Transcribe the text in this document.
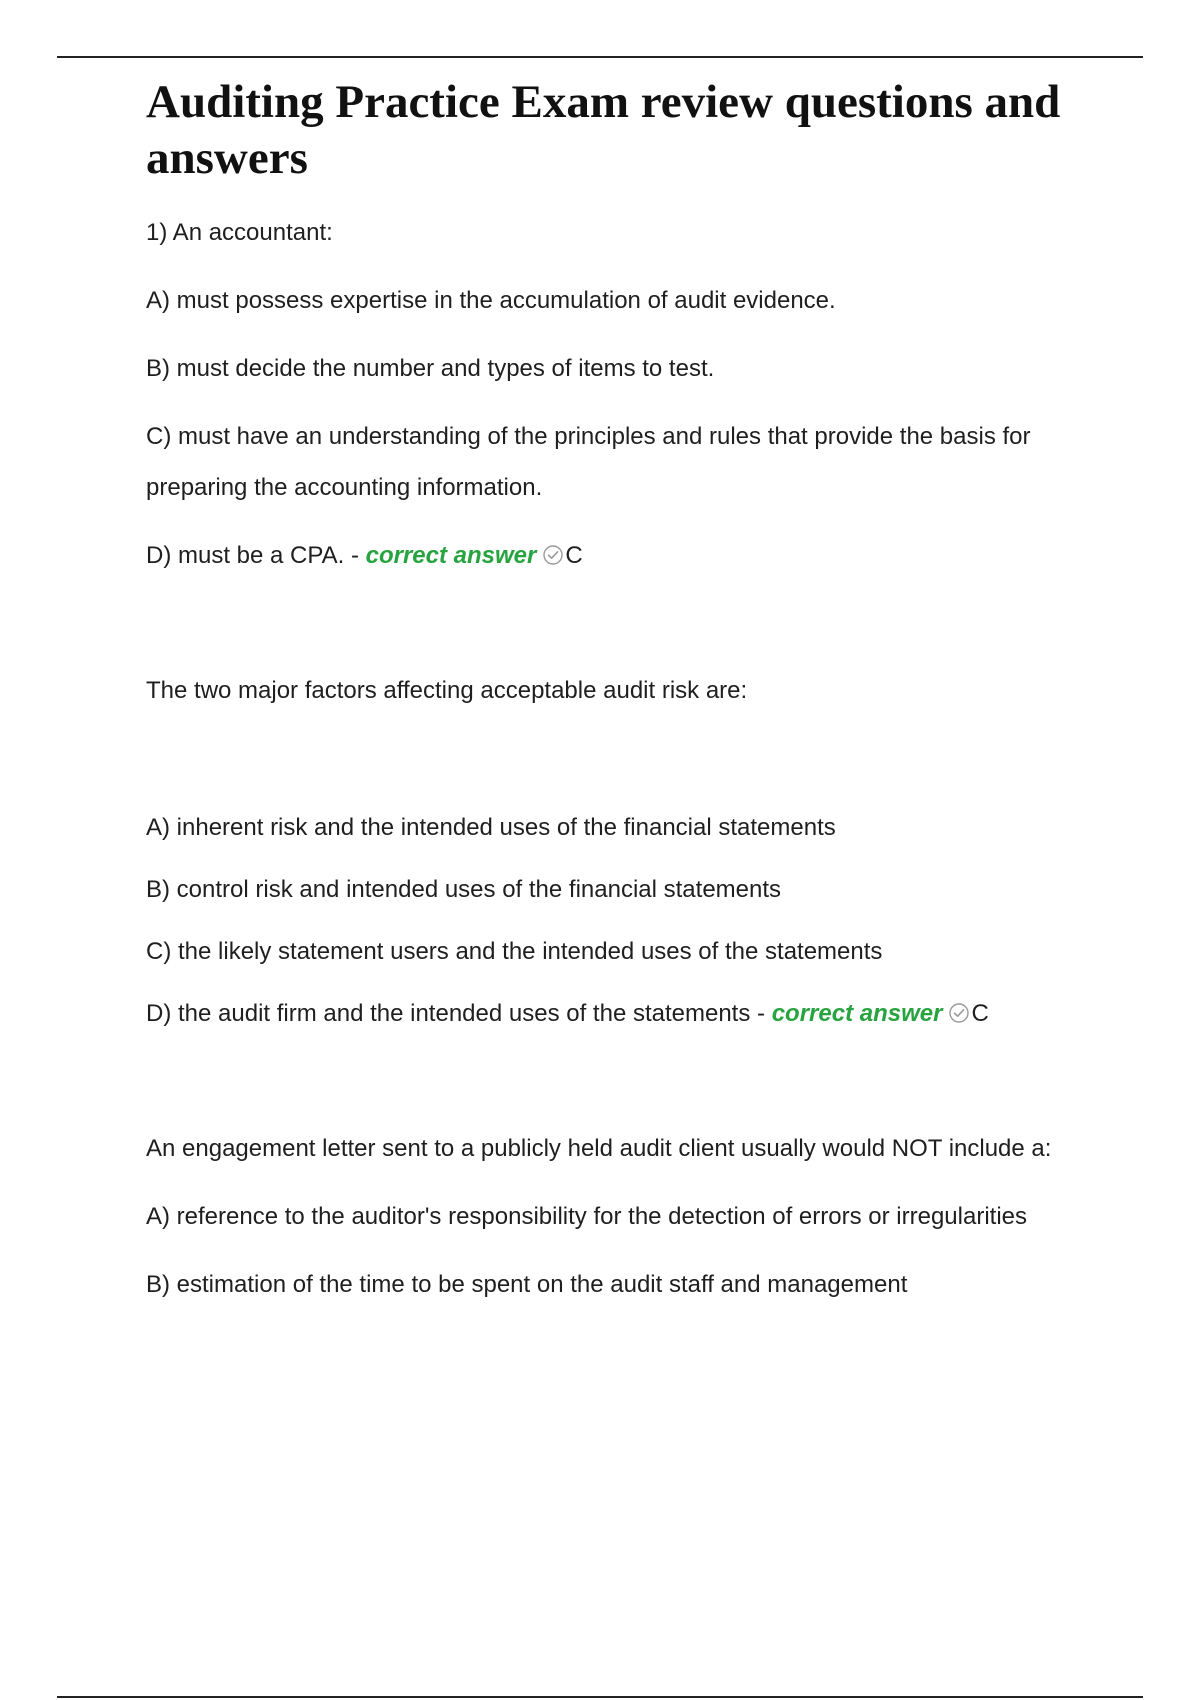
Auditing Practice Exam review questions and answers

1) An accountant:

A) must possess expertise in the accumulation of audit evidence.

B) must decide the number and types of items to test.

C) must have an understanding of the principles and rules that provide the basis for preparing the accounting information.

D) must be a CPA. - correct answer C

The two major factors affecting acceptable audit risk are:

A) inherent risk and the intended uses of the financial statements

B) control risk and intended uses of the financial statements

C) the likely statement users and the intended uses of the statements

D) the audit firm and the intended uses of the statements - correct answer C

An engagement letter sent to a publicly held audit client usually would NOT include a:

A) reference to the auditor's responsibility for the detection of errors or irregularities

B) estimation of the time to be spent on the audit staff and management
